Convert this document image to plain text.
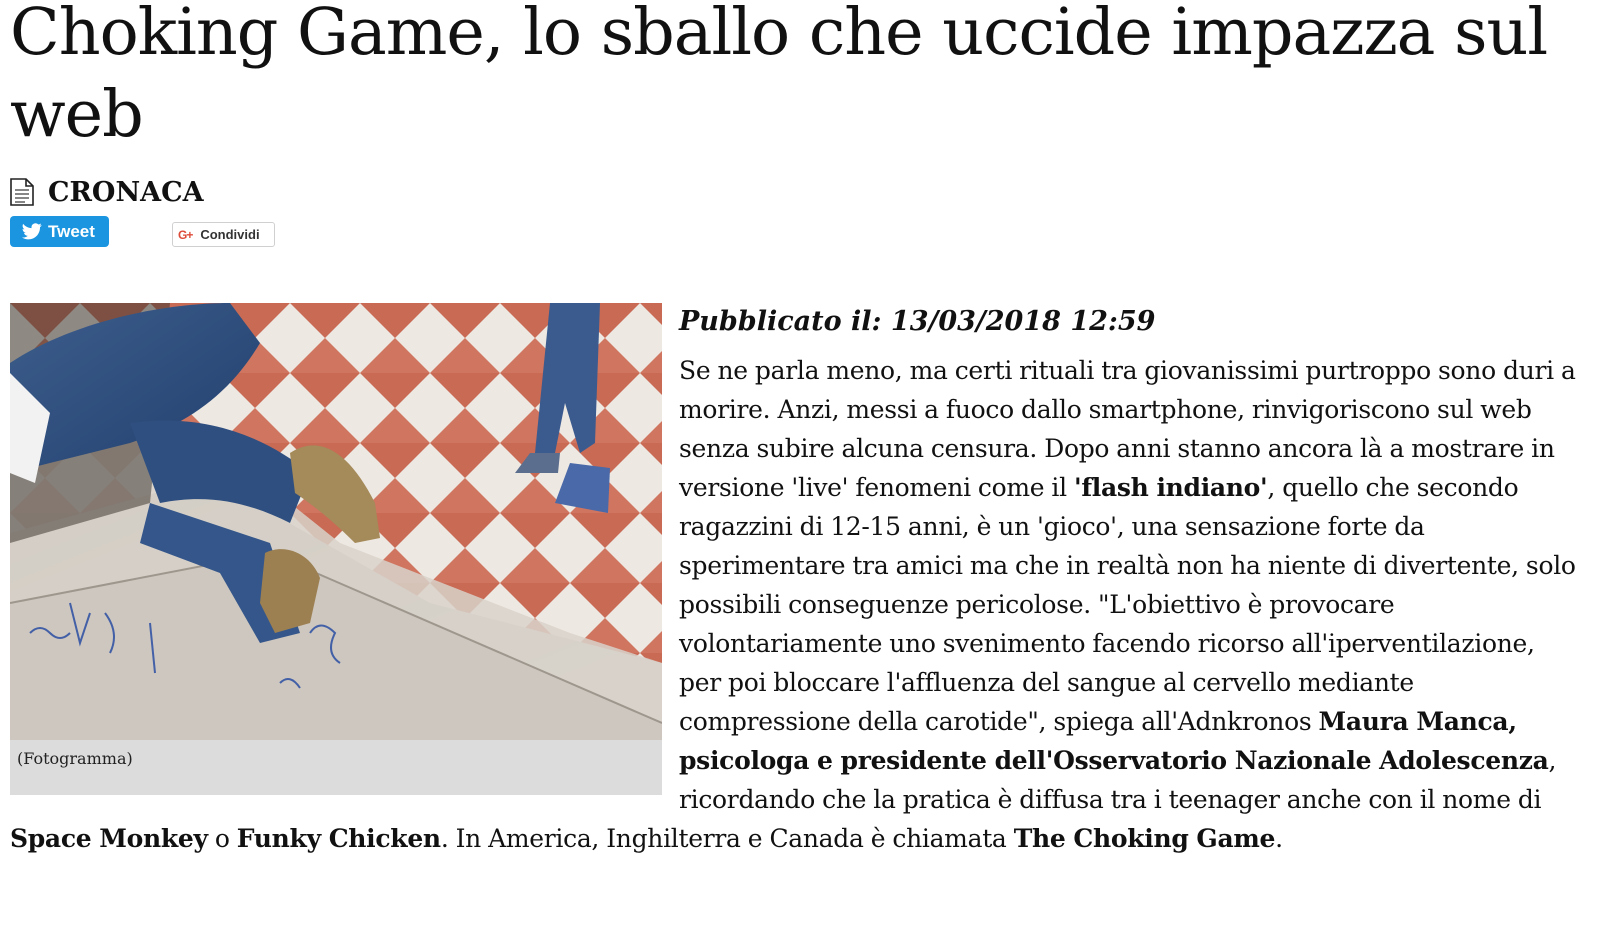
Choking Game, lo sballo che uccide impazza sul web
CRONACA
Tweet	G+ Condividi
(Fotogramma)
Pubblicato il: 13/03/2018 12:59
Se ne parla meno, ma certi rituali tra giovanissimi purtroppo sono duri a morire. Anzi, messi a fuoco dallo smartphone, rinvigoriscono sul web senza subire alcuna censura. Dopo anni stanno ancora là a mostrare in versione 'live' fenomeni come il 'flash indiano', quello che secondo ragazzini di 12-15 anni, è un 'gioco', una sensazione forte da sperimentare tra amici ma che in realtà non ha niente di divertente, solo possibili conseguenze pericolose. "L'obiettivo è provocare volontariamente uno svenimento facendo ricorso all'iperventilazione, per poi bloccare l'affluenza del sangue al cervello mediante compressione della carotide", spiega all'Adnkronos Maura Manca, psicologa e presidente dell'Osservatorio Nazionale Adolescenza, ricordando che la pratica è diffusa tra i teenager anche con il nome di Space Monkey o Funky Chicken. In America, Inghilterra e Canada è chiamata The Choking Game.
